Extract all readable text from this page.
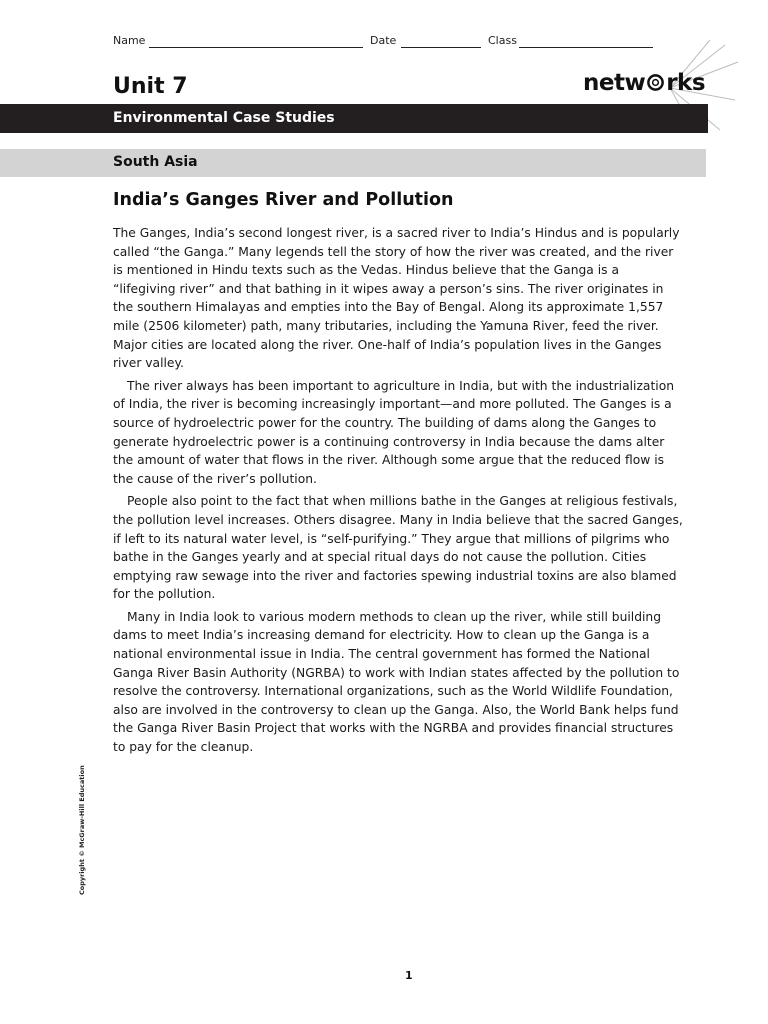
Name	Date	Class
Unit 7	netw rks
Environmental Case Studies
South Asia
India’s Ganges River and Pollution

The Ganges, India’s second longest river, is a sacred river to India’s Hindus and is popularly called “the Ganga.” Many legends tell the story of how the river was created, and the river is mentioned in Hindu texts such as the Vedas. Hindus believe that the Ganga is a “lifegiving river” and that bathing in it wipes away a person’s sins. The river originates in the southern Himalayas and empties into the Bay of Bengal. Along its approximate 1,557 mile (2506 kilometer) path, many tributaries, including the Yamuna River, feed the river. Major cities are located along the river. One-half of India’s population lives in the Ganges river valley.

The river always has been important to agriculture in India, but with the industrialization of India, the river is becoming increasingly important—and more polluted. The Ganges is a source of hydroelectric power for the country. The building of dams along the Ganges to generate hydroelectric power is a continuing controversy in India because the dams alter the amount of water that flows in the river. Although some argue that the reduced flow is the cause of the river’s pollution.

People also point to the fact that when millions bathe in the Ganges at religious festivals, the pollution level increases. Others disagree. Many in India believe that the sacred Ganges, if left to its natural water level, is “self-purifying.” They argue that millions of pilgrims who bathe in the Ganges yearly and at special ritual days do not cause the pollution. Cities emptying raw sewage into the river and factories spewing industrial toxins are also blamed for the pollution.

Many in India look to various modern methods to clean up the river, while still building dams to meet India’s increasing demand for electricity. How to clean up the Ganga is a national environmental issue in India. The central government has formed the National Ganga River Basin Authority (NGRBA) to work with Indian states affected by the pollution to resolve the controversy. International organizations, such as the World Wildlife Foundation, also are involved in the controversy to clean up the Ganga. Also, the World Bank helps fund the Ganga River Basin Project that works with the NGRBA and provides financial structures to pay for the cleanup.

Copyright © McGraw-Hill Education
1
